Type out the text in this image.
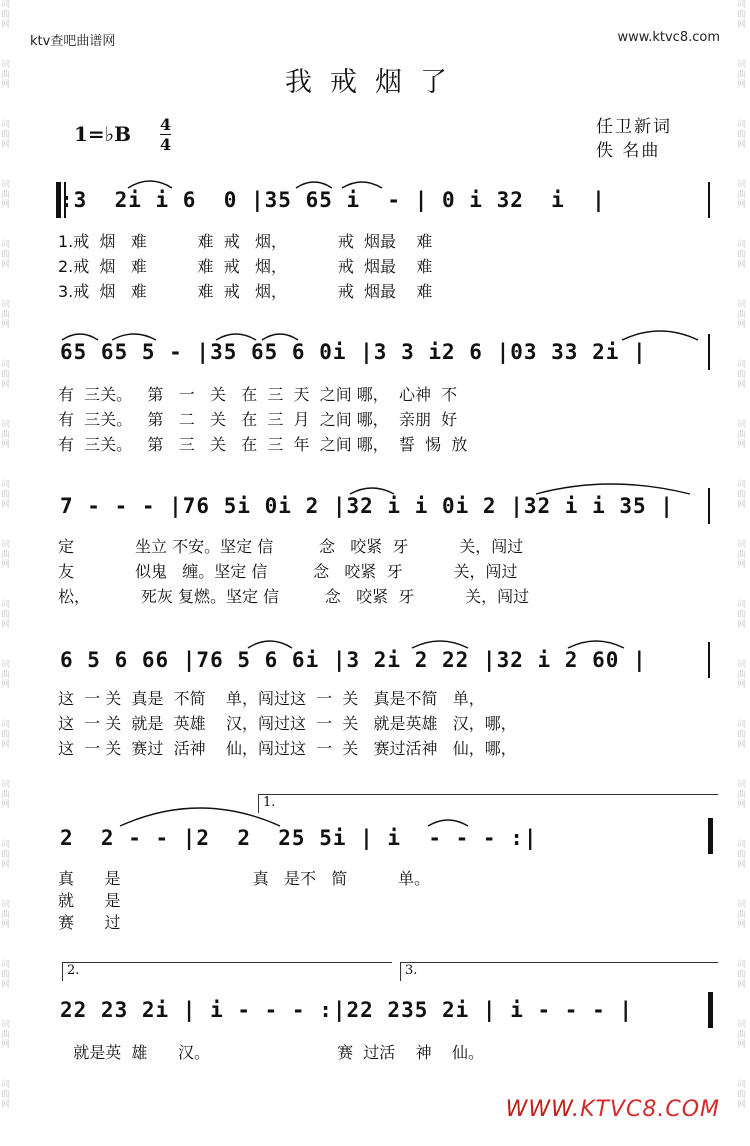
词
曲
网
词
曲
网
词
曲
网
词
曲
网
词
曲
网
词
曲
网
词
曲
网
词
曲
网
词
曲
网
词
曲
网
词
曲
网
词
曲
网
词
曲
网
词
曲
网
词
曲
网
词
曲
网
词
曲
网
词
曲
网
词
曲
网
词
曲
网
词
曲
网
词
曲
网
词
曲
网
词
曲
网
词
曲
网
词
曲
网
词
曲
网
词
曲
网
词
曲
网
词
曲
网
词
曲
网
词
曲
网
词
曲
网
词
曲
网
词
曲
网
词
曲
网
词
曲
网
词
曲
网
ktv查吧曲谱网	www.ktvc8.com
我戒烟了
1=♭B 4
4
任卫新词
佚 名曲
:3  2i i 6  0 |35 65 i  - | 0 i 32  i  |
1.戒  烟   难          难  戒   烟，          戒  烟最    难
2.戒  烟   难          难  戒   烟，          戒  烟最    难
3.戒  烟   难          难  戒   烟，          戒  烟最    难
65 65 5 - |35 65 6 0i |3 3 i2 6 |03 33 2i |
有  三关。   第   一   关   在  三  天  之间 哪，  心神  不
有  三关。   第   二   关   在  三  月  之间 哪，  亲朋  好
有  三关。   第   三   关   在  三  年  之间 哪，  誓  惕  放
7 - - - |76 5i 0i 2 |32 i i 0i 2 |32 i i 35 |
定            坐立 不安。坚定 信         念   咬紧  牙          关，闯过
友            似鬼   缠。坚定 信         念   咬紧  牙          关，闯过
松，          死灰 复燃。坚定 信         念   咬紧  牙          关，闯过
6 5 6 66 |76 5 6 6i |3 2i 2 22 |32 i 2 60 |
这  一 关  真是  不简    单，闯过这  一  关   真是不简   单，
这  一 关  就是  英雄    汉，闯过这  一  关   就是英雄   汉，哪，
这  一 关  赛过  活神    仙，闯过这  一  关   赛过活神   仙，哪，
1.
2  2 - - |2  2  25 5i | i  - - - :|
真      是                          真   是不   简          单。
就      是
赛      过
2.	3.
22 23 2i | i - - - :|22 235 2i | i - - - |
就是英  雄      汉。                         赛  过活    神    仙。
WWW.KTVC8.COM
